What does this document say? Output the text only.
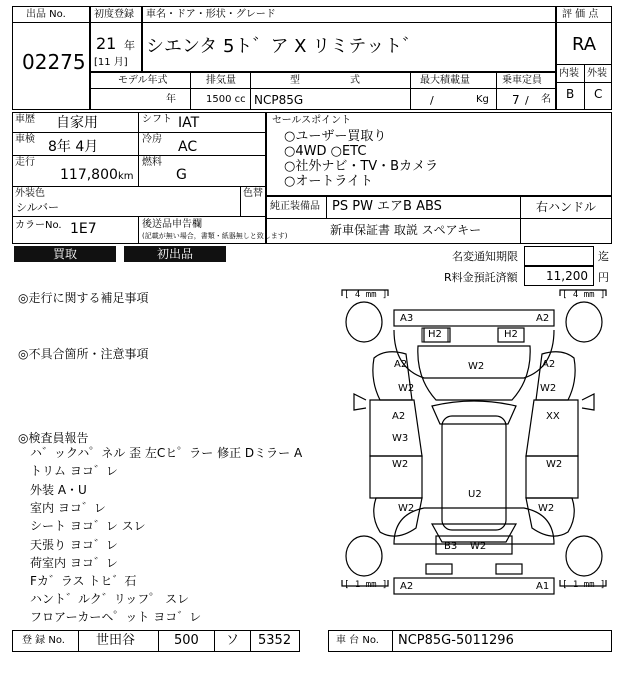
出品 No.
02275
初度登録
21 年
[11 月]
車名・ドア・形状・グレード
シエンタ 5ト゛ア X リミテット゛
評 価 点
RA
内装 外装
B C
モデル年式
年
排気量
1500 cc
型	式
NCP85G
最大積載量
/	Kg
乗車定員
7 / 名
車歴 自家用	シフト IAT
車検 8年 4月	冷房 AC
走行
117,800 km
燃料
G
外装色
シルバー
色替
カラーNo. 1E7	後送品申告欄
(記載が無い場合，書類・紙器無しと致します)
買取	初出品
セールスポイント
○ユーザー買取り
○4WD ○ETC
○社外ナビ・TV・Bカメラ
○オートライト
純正装備品 PS PW エアB ABS	右ハンドル
新車保証書 取説 スペアキー
名変通知期限	迄
R料金預託済額 11,200 円
◎走行に関する補足事項
◎不具合箇所・注意事項
◎検査員報告
ハ゛ックハ゜ネル 歪 左Cヒ゜ラー 修正 Dミラー A
トリム ヨコ゛レ
外装 A・U
室内 ヨコ゛レ
シート ヨコ゛レ スレ
天張り ヨコ゛レ
荷室内 ヨコ゛レ
Fカ゛ラス トヒ゛石
ハント゛ルク゛リッフ゜ スレ
フロアーカーヘ゜ット ヨコ゛レ
[ 4 mm ]	[ 4 mm ]
[ 1 mm ]	[ 1 mm ]
A3	A2
H2	H2
A2
W2
W2	A2
W2
A2
W3
XX
W2	W2
U2
W2	W2
B3 W2
A2	A1
登 録 No. 世田谷	500 ソ 5352	車 台 No. NCP85G-5011296
